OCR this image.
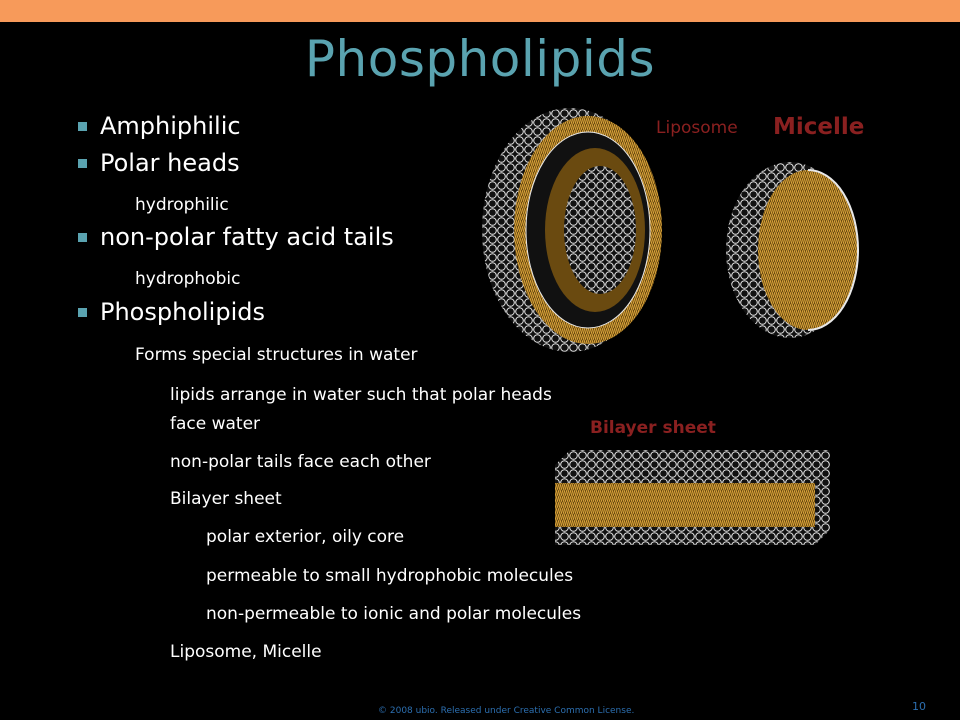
Phospholipids
Liposome Micelle
Bilayer sheet
Amphiphilic
Polar heads
hydrophilic
non-polar fatty acid tails
hydrophobic
Phospholipids
Forms special structures in water
lipids arrange in water such that polar heads
face water
non-polar tails face each other
Bilayer sheet
polar exterior, oily core
permeable to small hydrophobic molecules
non-permeable to ionic and polar molecules
Liposome, Micelle
© 2008 ubio. Released under Creative Common License.	10
